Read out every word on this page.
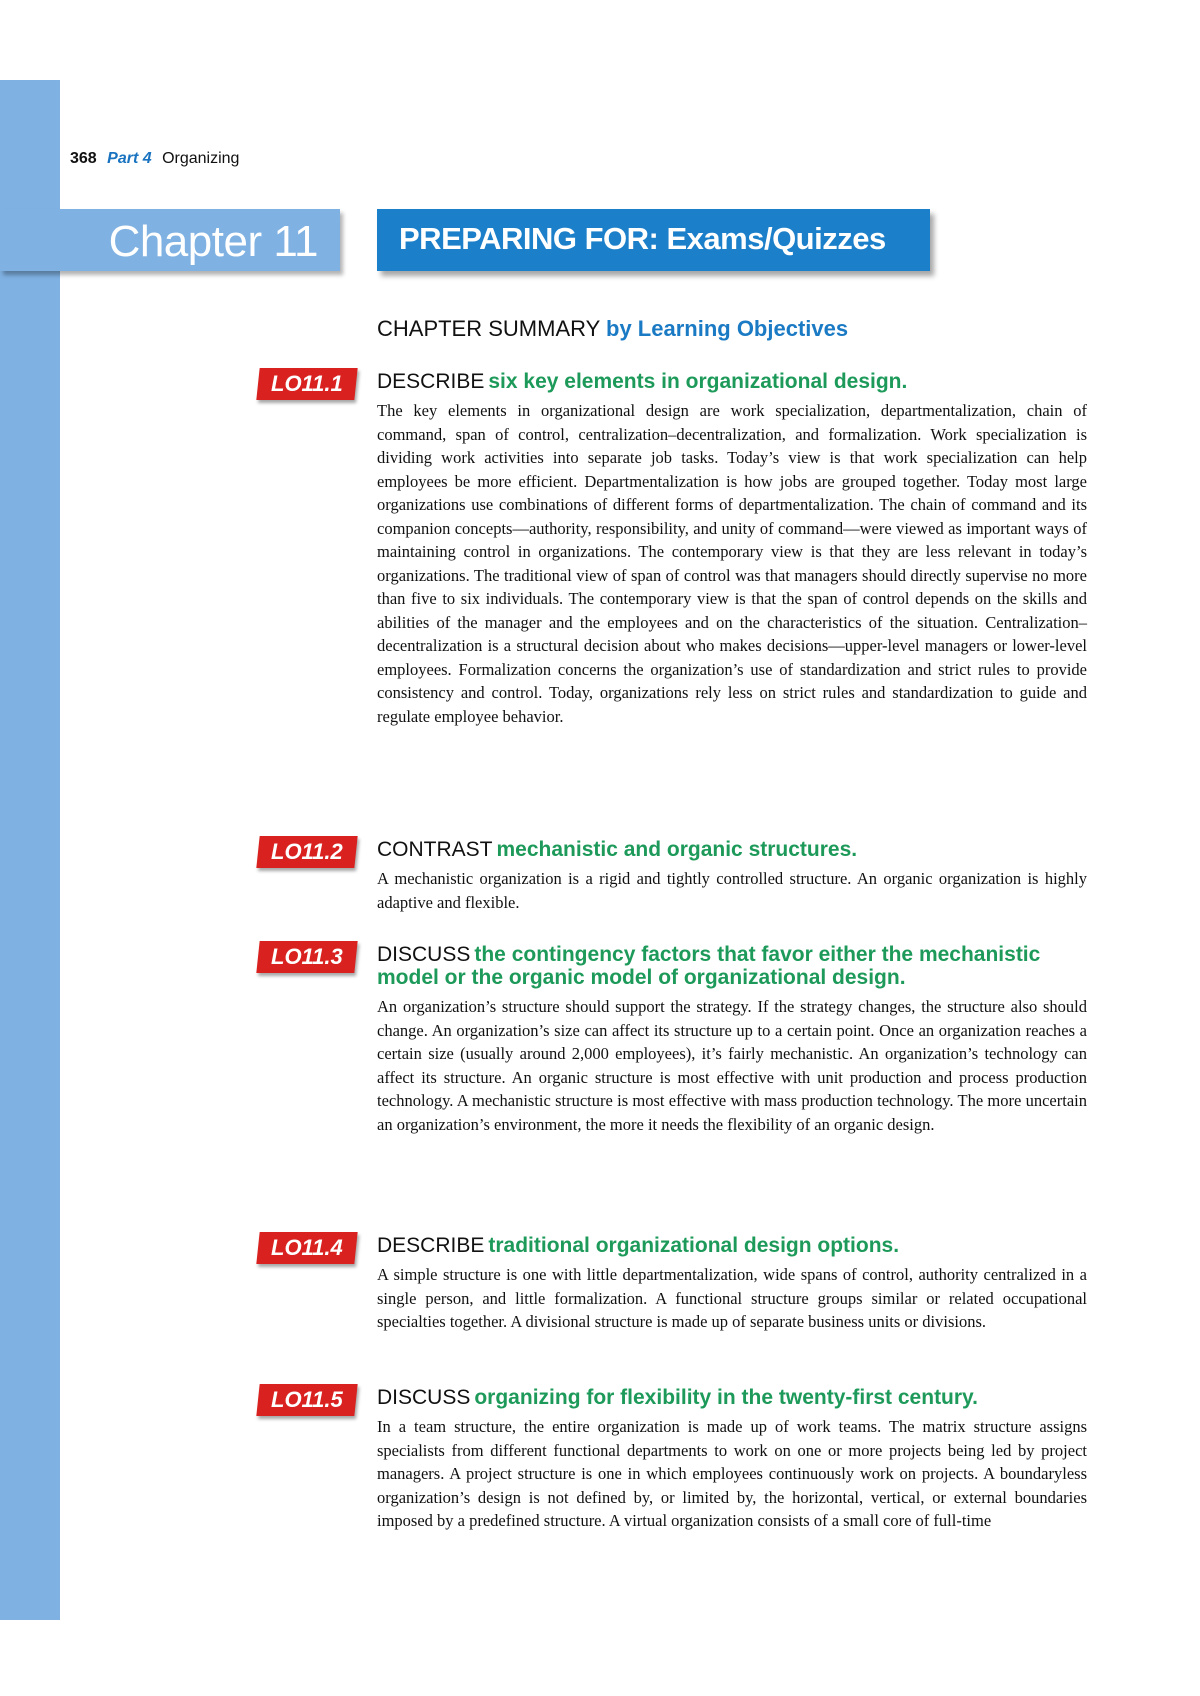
368 Part 4 Organizing
Chapter 11	PREPARING FOR: Exams/Quizzes
CHAPTER SUMMARY by Learning Objectives
LO11.1	DESCRIBE six key elements in organizational design.

The key elements in organizational design are work specialization, departmentalization, chain of command, span of control, centralization–decentralization, and formalization. Work specialization is dividing work activities into separate job tasks. Today’s view is that work specialization can help employees be more efficient. Departmentalization is how jobs are grouped together. Today most large organizations use combinations of different forms of departmentalization. The chain of command and its companion concepts—authority, responsibility, and unity of command—were viewed as important ways of maintaining control in organizations. The contemporary view is that they are less relevant in today’s organizations. The traditional view of span of control was that managers should directly supervise no more than five to six individuals. The contemporary view is that the span of control depends on the skills and abilities of the manager and the employees and on the characteristics of the situation. Centralization–decentralization is a structural decision about who makes decisions—upper-level managers or lower-level employees. Formalization concerns the organization’s use of standardization and strict rules to provide consistency and control. Today, organizations rely less on strict rules and standardization to guide and regulate employee behavior.

LO11.2	CONTRAST mechanistic and organic structures.

A mechanistic organization is a rigid and tightly controlled structure. An organic organization is highly adaptive and flexible.

LO11.3	DISCUSS the contingency factors that favor either the mechanistic model or the organic model of organizational design.

An organization’s structure should support the strategy. If the strategy changes, the structure also should change. An organization’s size can affect its structure up to a certain point. Once an organization reaches a certain size (usually around 2,000 employees), it’s fairly mechanistic. An organization’s technology can affect its structure. An organic structure is most effective with unit production and process production technology. A mechanistic structure is most effective with mass production technology. The more uncertain an organization’s environment, the more it needs the flexibility of an organic design.

LO11.4	DESCRIBE traditional organizational design options.

A simple structure is one with little departmentalization, wide spans of control, authority centralized in a single person, and little formalization. A functional structure groups similar or related occupational specialties together. A divisional structure is made up of separate business units or divisions.

LO11.5	DISCUSS organizing for flexibility in the twenty-first century.

In a team structure, the entire organization is made up of work teams. The matrix structure assigns specialists from different functional departments to work on one or more projects being led by project managers. A project structure is one in which employees continuously work on projects. A boundaryless organization’s design is not defined by, or limited by, the horizontal, vertical, or external boundaries imposed by a predefined structure. A virtual organization consists of a small core of full-time
